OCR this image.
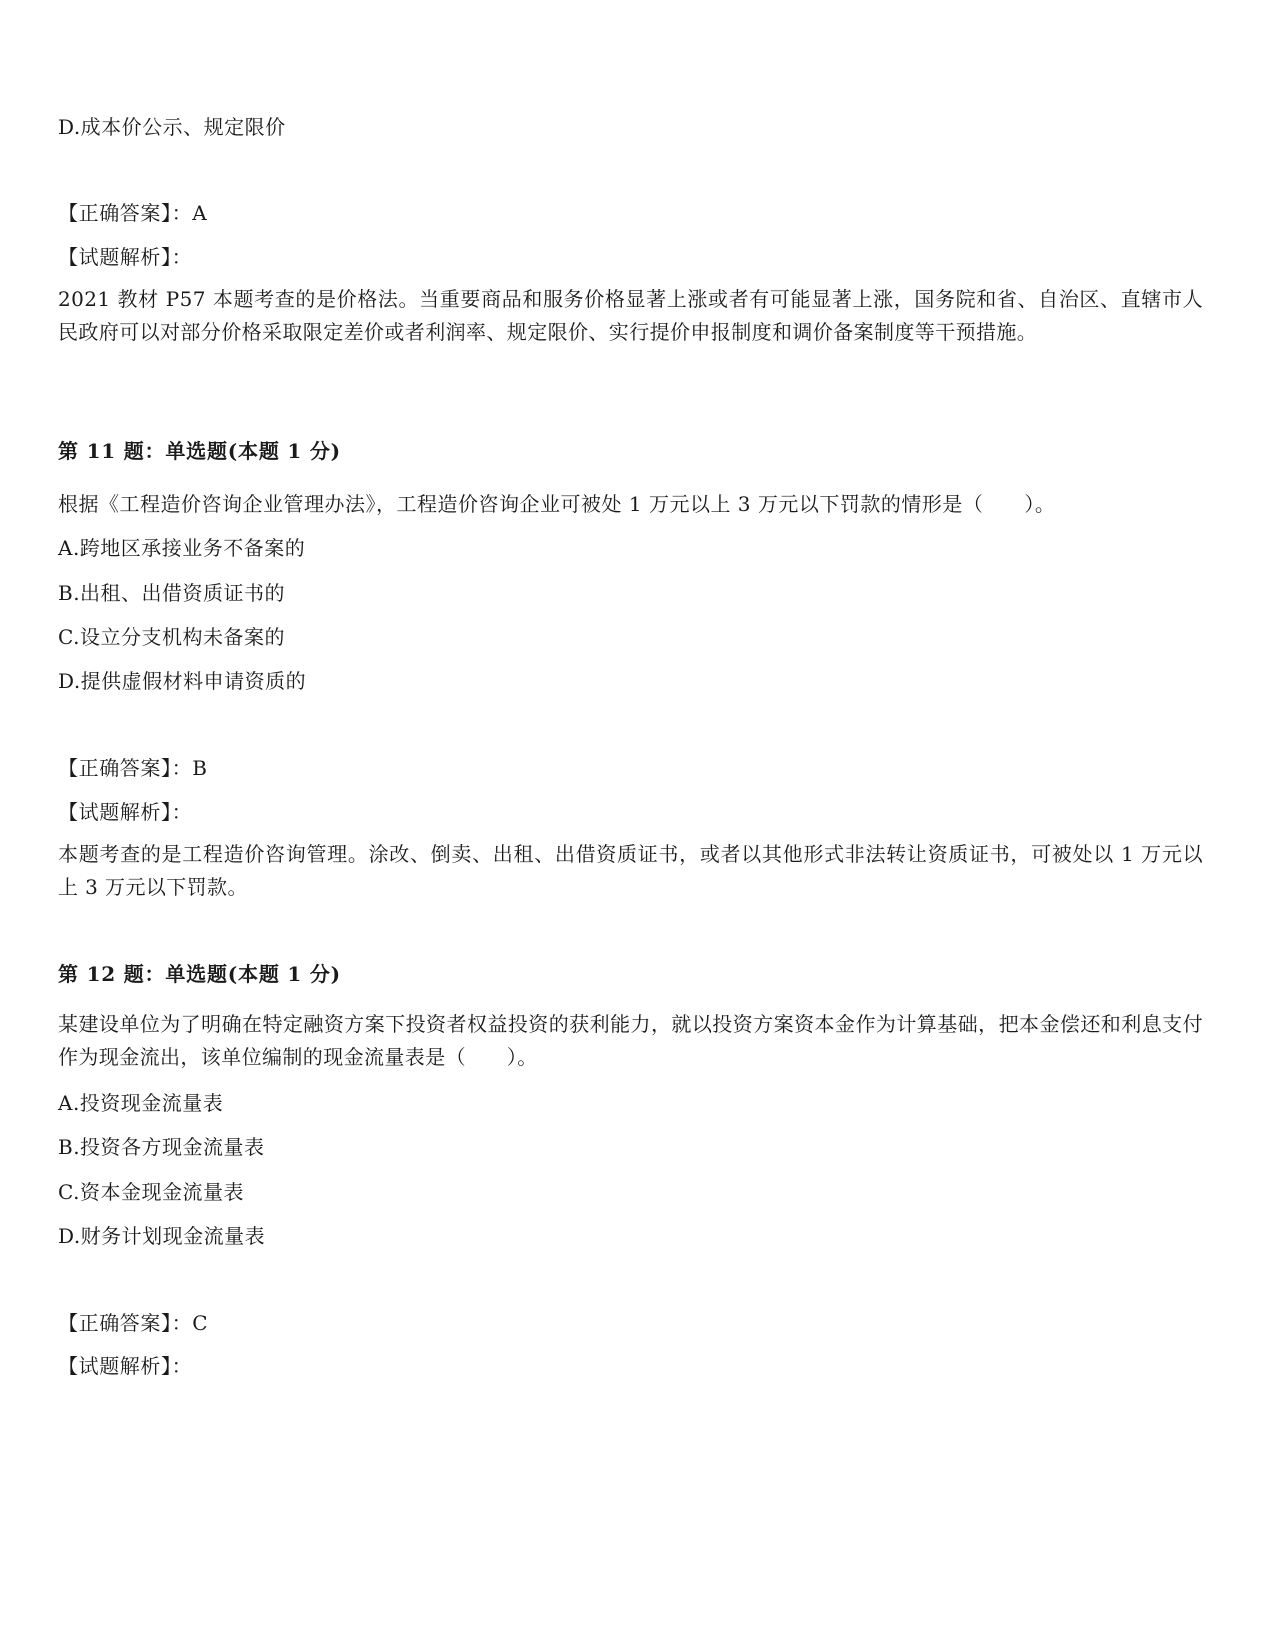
D.成本价公示、规定限价
【正确答案】：A
【试题解析】：
2021 教材 P57 本题考查的是价格法。当重要商品和服务价格显著上涨或者有可能显著上涨，国务院和省、自治区、直辖市人民政府可以对部分价格采取限定差价或者利润率、规定限价、实行提价申报制度和调价备案制度等干预措施。
第 11 题：单选题(本题 1 分)
根据《工程造价咨询企业管理办法》，工程造价咨询企业可被处 1 万元以上 3 万元以下罚款的情形是（　　）。
A.跨地区承接业务不备案的
B.出租、出借资质证书的
C.设立分支机构未备案的
D.提供虚假材料申请资质的
【正确答案】：B
【试题解析】：
本题考查的是工程造价咨询管理。涂改、倒卖、出租、出借资质证书，或者以其他形式非法转让资质证书，可被处以 1 万元以上 3 万元以下罚款。
第 12 题：单选题(本题 1 分)
某建设单位为了明确在特定融资方案下投资者权益投资的获利能力，就以投资方案资本金作为计算基础，把本金偿还和利息支付作为现金流出，该单位编制的现金流量表是（　　）。
A.投资现金流量表
B.投资各方现金流量表
C.资本金现金流量表
D.财务计划现金流量表
【正确答案】：C
【试题解析】：
